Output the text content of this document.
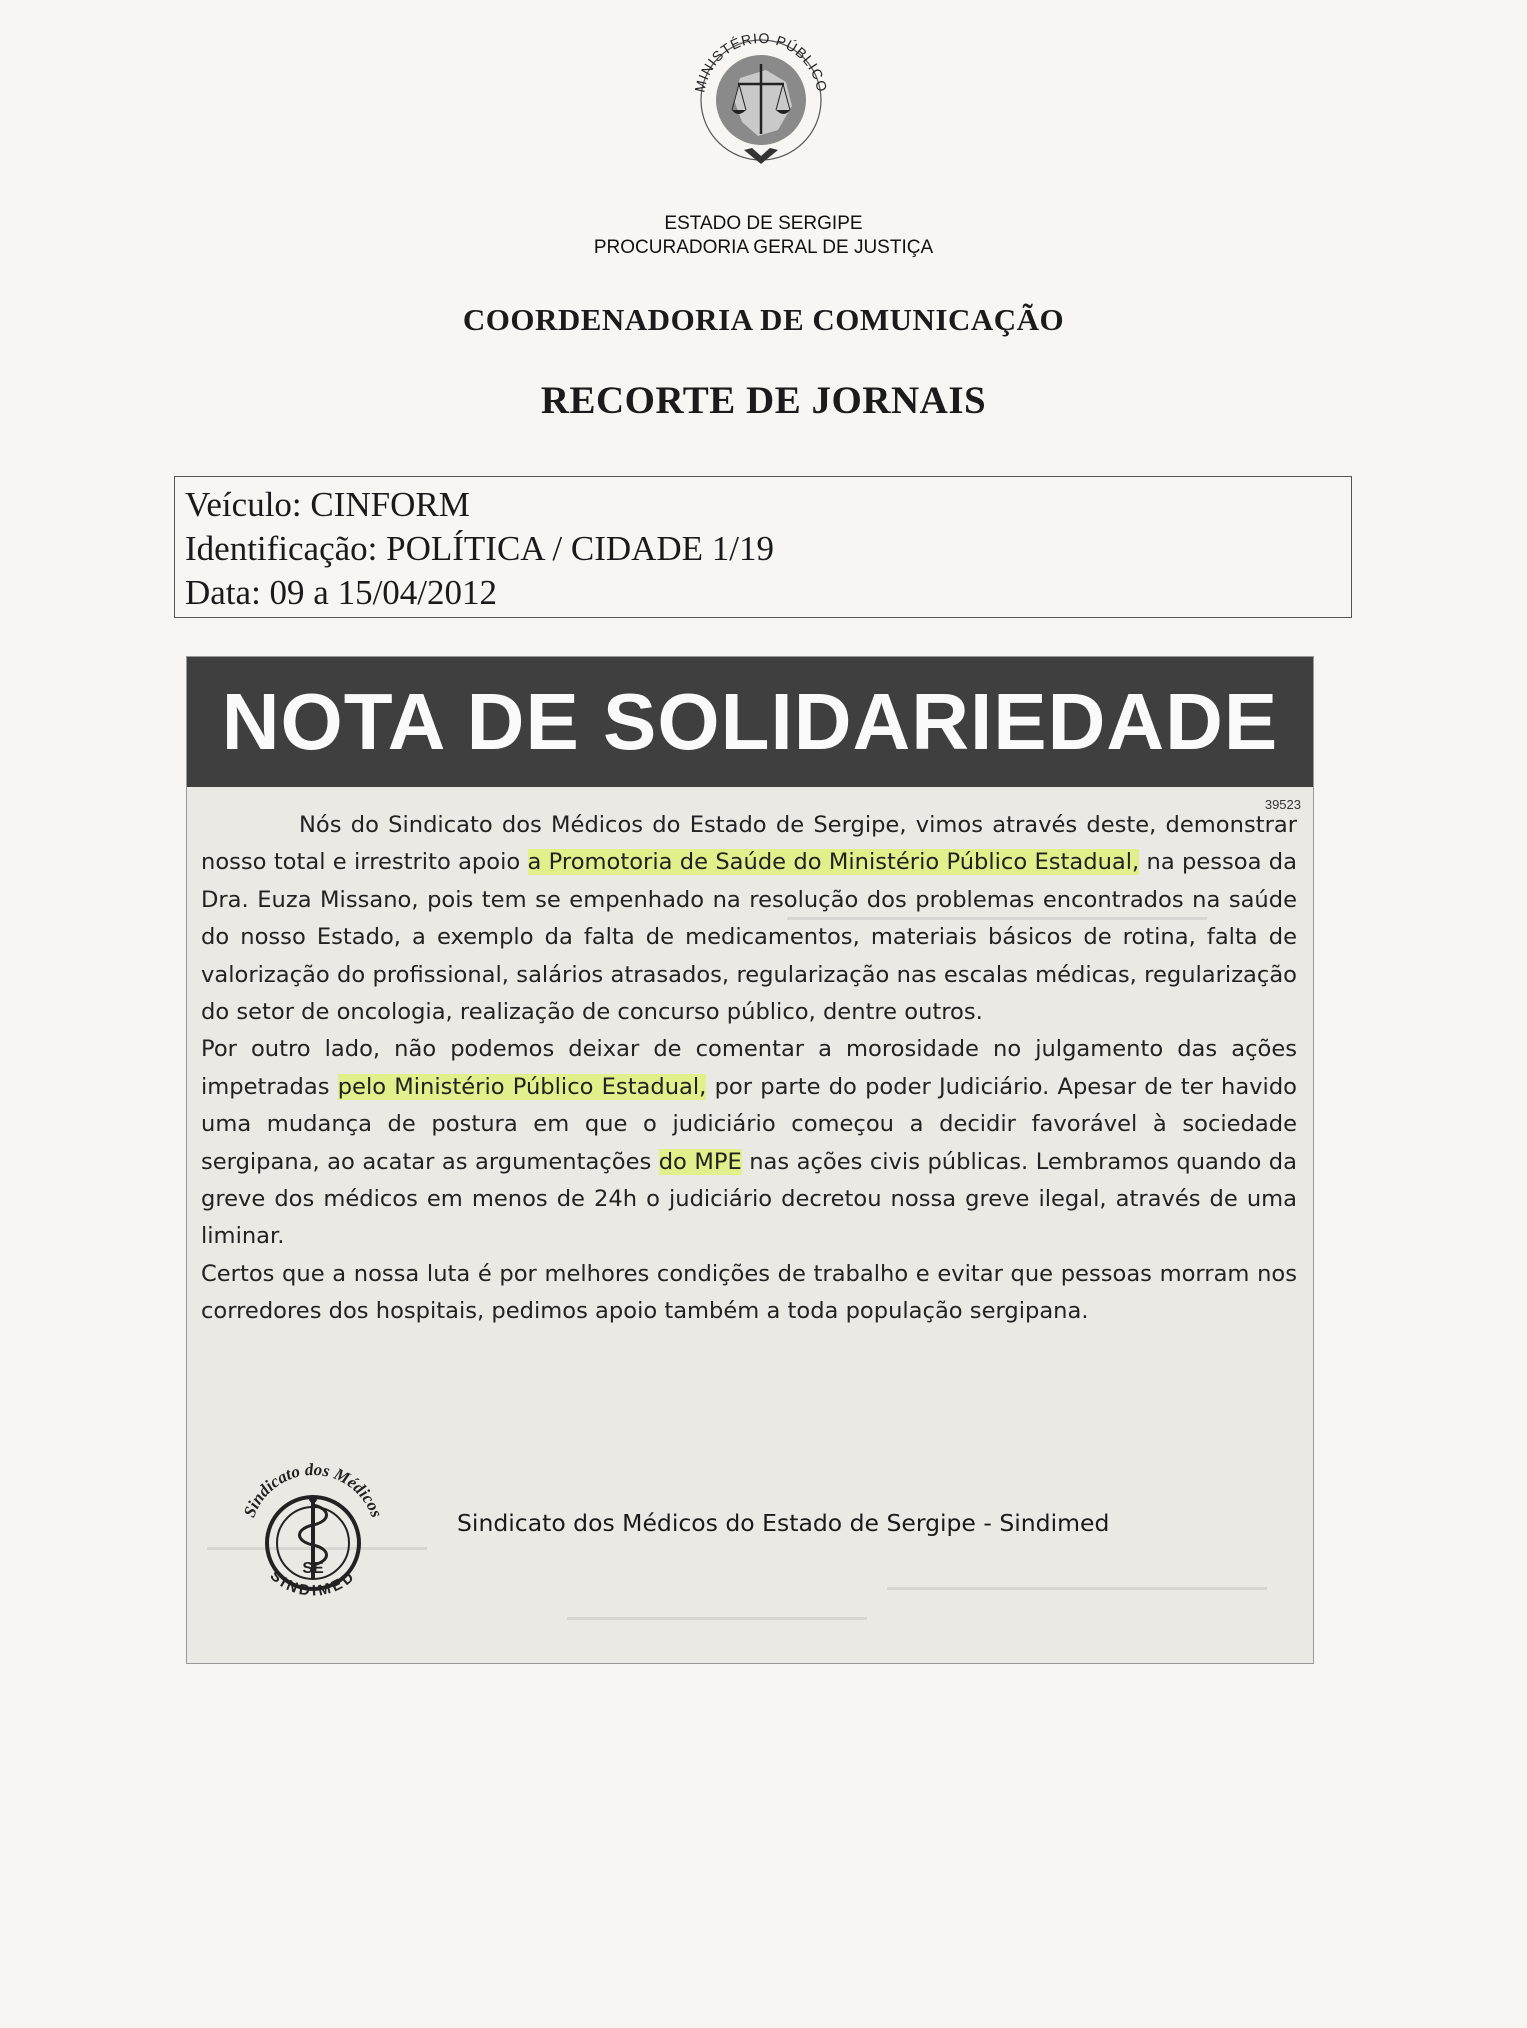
MINISTÉRIO PÚBLICO
ESTADO DE SERGIPE
PROCURADORIA GERAL DE JUSTIÇA
COORDENADORIA DE COMUNICAÇÃO
RECORTE DE JORNAIS
Veículo: CINFORM
Identificação: POLÍTICA / CIDADE 1/19
Data: 09 a 15/04/2012
NOTA DE SOLIDARIEDADE
39523

Nós do Sindicato dos Médicos do Estado de Sergipe, vimos através deste, demonstrar nosso total e irrestrito apoio a Promotoria de Saúde do Ministério Público Estadual, na pessoa da Dra. Euza Missano, pois tem se empenhado na resolução dos problemas encontrados na saúde do nosso Estado, a exemplo da falta de medicamentos, materiais básicos de rotina, falta de valorização do profissional, salários atrasados, regularização nas escalas médicas, regularização do setor de oncologia, realização de concurso público, dentre outros.

Por outro lado, não podemos deixar de comentar a morosidade no julgamento das ações impetradas pelo Ministério Público Estadual, por parte do poder Judiciário. Apesar de ter havido uma mudança de postura em que o judiciário começou a decidir favorável à sociedade sergipana, ao acatar as argumentações do MPE nas ações civis públicas. Lembramos quando da greve dos médicos em menos de 24h o judiciário decretou nossa greve ilegal, através de uma liminar.

Certos que a nossa luta é por melhores condições de trabalho e evitar que pessoas morram nos corredores dos hospitais, pedimos apoio também a toda população sergipana.

SE
Sindicato dos Médicos
SINDIMED
Sindicato dos Médicos do Estado de Sergipe - Sindimed
